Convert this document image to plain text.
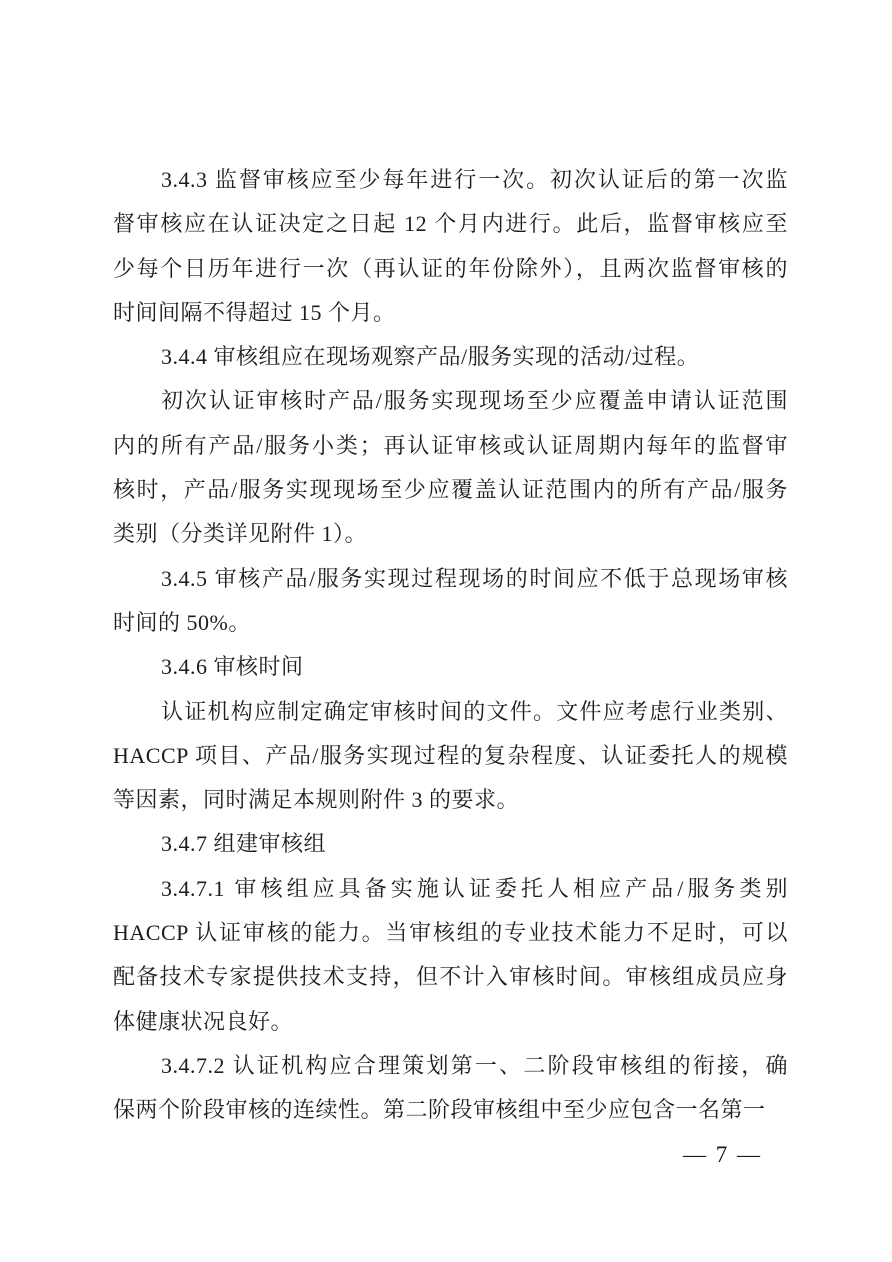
3.4.3 监督审核应至少每年进行一次。初次认证后的第一次监
督审核应在认证决定之日起 12 个月内进行。此后，监督审核应至
少每个日历年进行一次（再认证的年份除外），且两次监督审核的
时间间隔不得超过 15 个月。
3.4.4 审核组应在现场观察产品/服务实现的活动/过程。
初次认证审核时产品/服务实现现场至少应覆盖申请认证范围
内的所有产品/服务小类；再认证审核或认证周期内每年的监督审
核时，产品/服务实现现场至少应覆盖认证范围内的所有产品/服务
类别（分类详见附件 1）。
3.4.5 审核产品/服务实现过程现场的时间应不低于总现场审核
时间的 50%。
3.4.6 审核时间
认证机构应制定确定审核时间的文件。文件应考虑行业类别、
HACCP 项目、产品/服务实现过程的复杂程度、认证委托人的规模
等因素，同时满足本规则附件 3 的要求。
3.4.7 组建审核组
3.4.7.1 审核组应具备实施认证委托人相应产品/服务类别
HACCP 认证审核的能力。当审核组的专业技术能力不足时，可以
配备技术专家提供技术支持，但不计入审核时间。审核组成员应身
体健康状况良好。
3.4.7.2 认证机构应合理策划第一、二阶段审核组的衔接，确
保两个阶段审核的连续性。第二阶段审核组中至少应包含一名第一
— 7 —
